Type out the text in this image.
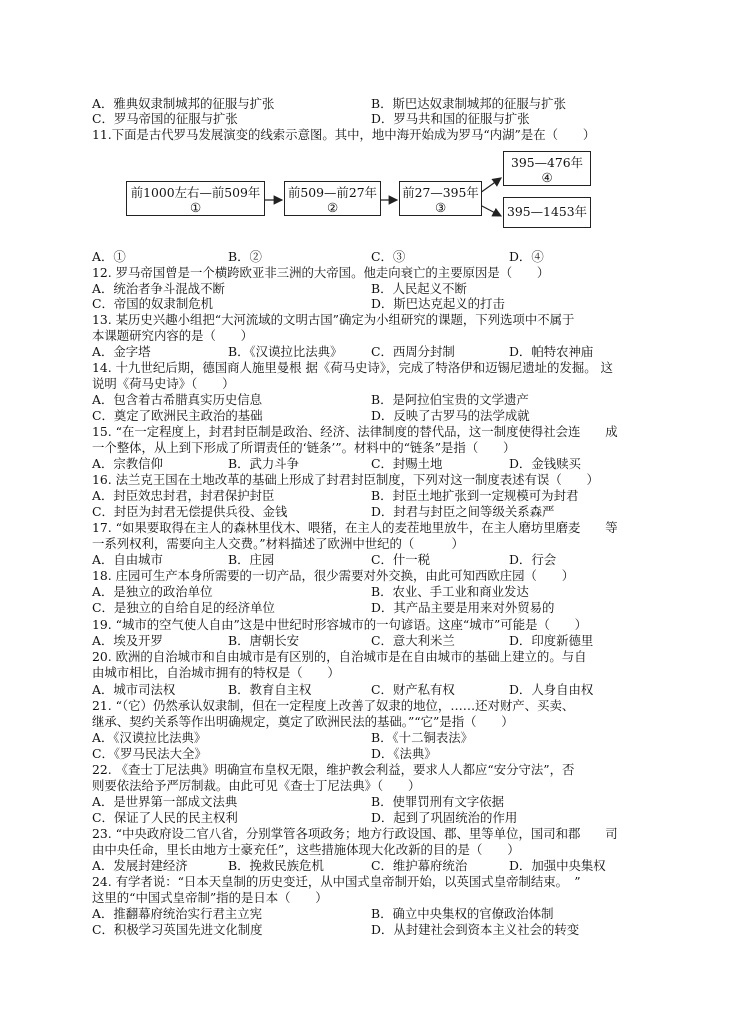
A．雅典奴隶制城邦的征服与扩张	B．斯巴达奴隶制城邦的征服与扩张
C．罗马帝国的征服与扩张	D．罗马共和国的征服与扩张
11.下面是古代罗马发展演变的线索示意图。其中，地中海开始成为罗马“内湖”是在（　　）
前1000左右—前509年
①
前509—前27年
②
前27—395年
③
395—476年
④
395—1453年
A．①	B．②	C．③	D．④
12. 罗马帝国曾是一个横跨欧亚非三洲的大帝国。他走向衰亡的主要原因是（　　）
A．统治者争斗混战不断	B．人民起义不断
C．帝国的奴隶制危机	D．斯巴达克起义的打击
13. 某历史兴趣小组把“大河流域的文明古国”确定为小组研究的课题，下列选项中不属于
本课题研究内容的是（　　）
A．金字塔	B．《汉谟拉比法典》 C．西周分封制	D．帕特农神庙
14. 十九世纪后期，德国商人施里曼根 据《荷马史诗》，完成了特洛伊和迈锡尼遗址的发掘。 这
说明《荷马史诗》（　　）
A．包含着古希腊真实历史信息	B．是阿拉伯宝贵的文学遗产
C．奠定了欧洲民主政治的基础	D．反映了古罗马的法学成就
15. “在一定程度上，封君封臣制是政治、经济、法律制度的替代品，这一制度使得社会连　　成
一个整体，从上到下形成了所谓责任的‘链条’”。材料中的“链条”是指（　　）
A．宗教信仰	B．武力斗争	C．封赐土地	D．金钱赎买
16. 法兰克王国在土地改革的基础上形成了封君封臣制度，下列对这一制度表述有误（　　）
A．封臣效忠封君，封君保护封臣	B．封臣土地扩张到一定规模可为封君
C．封臣为封君无偿提供兵役、金钱	D．封君与封臣之间等级关系森严
17. “如果要取得在主人的森林里伐木、喂猪，在主人的麦茬地里放牛，在主人磨坊里磨麦　　等
一系列权利，需要向主人交费。”材料描述了欧洲中世纪的（　　　）
A．自由城市	B．庄园	C．什一税	D．行会
18. 庄园可生产本身所需要的一切产品，很少需要对外交换，由此可知西欧庄园（　　）
A．是独立的政治单位	B．农业、手工业和商业发达
C．是独立的自给自足的经济单位	D．其产品主要是用来对外贸易的
19. “城市的空气使人自由”这是中世纪时形容城市的一句谚语。这座“城市”可能是（　　）
A．埃及开罗	B．唐朝长安	C．意大利米兰	D．印度新德里
20. 欧洲的自治城市和自由城市是有区别的，自治城市是在自由城市的基础上建立的。与自
由城市相比，自治城市拥有的特权是（　　）
A．城市司法权	B．教育自主权	C．财产私有权	D．人身自由权
21. “（它）仍然承认奴隶制，但在一定程度上改善了奴隶的地位，……还对财产、买卖、
继承、契约关系等作出明确规定，奠定了欧洲民法的基础。”“它”是指（　　）
A．《汉谟拉比法典》	B．《十二铜表法》
C．《罗马民法大全》	D．《法典》
22. 《查士丁尼法典》明确宣布皇权无限，维护教会利益，要求人人都应“安分守法”，否
则要依法给予严厉制裁。由此可见《查士丁尼法典》（　　）
A．是世界第一部成文法典	B．使罪罚刑有文字依据
C．保证了人民的民主权利	D．起到了巩固统治的作用
23. “中央政府设二官八省，分别掌管各项政务；地方行政设国、郡、里等单位，国司和郡　　司
由中央任命，里长由地方士豪充任”，这些措施体现大化改新的目的是（　　）
A．发展封建经济	B．挽救民族危机	C．维护幕府统治	D．加强中央集权
24. 有学者说：“日本天皇制的历史变迁，从中国式皇帝制开始，以英国式皇帝制结束。　”
这里的“中国式皇帝制”指的是日本（　　）
A．推翻幕府统治实行君主立宪	B．确立中央集权的官僚政治体制
C．积极学习英国先进文化制度	D．从封建社会到资本主义社会的转变
